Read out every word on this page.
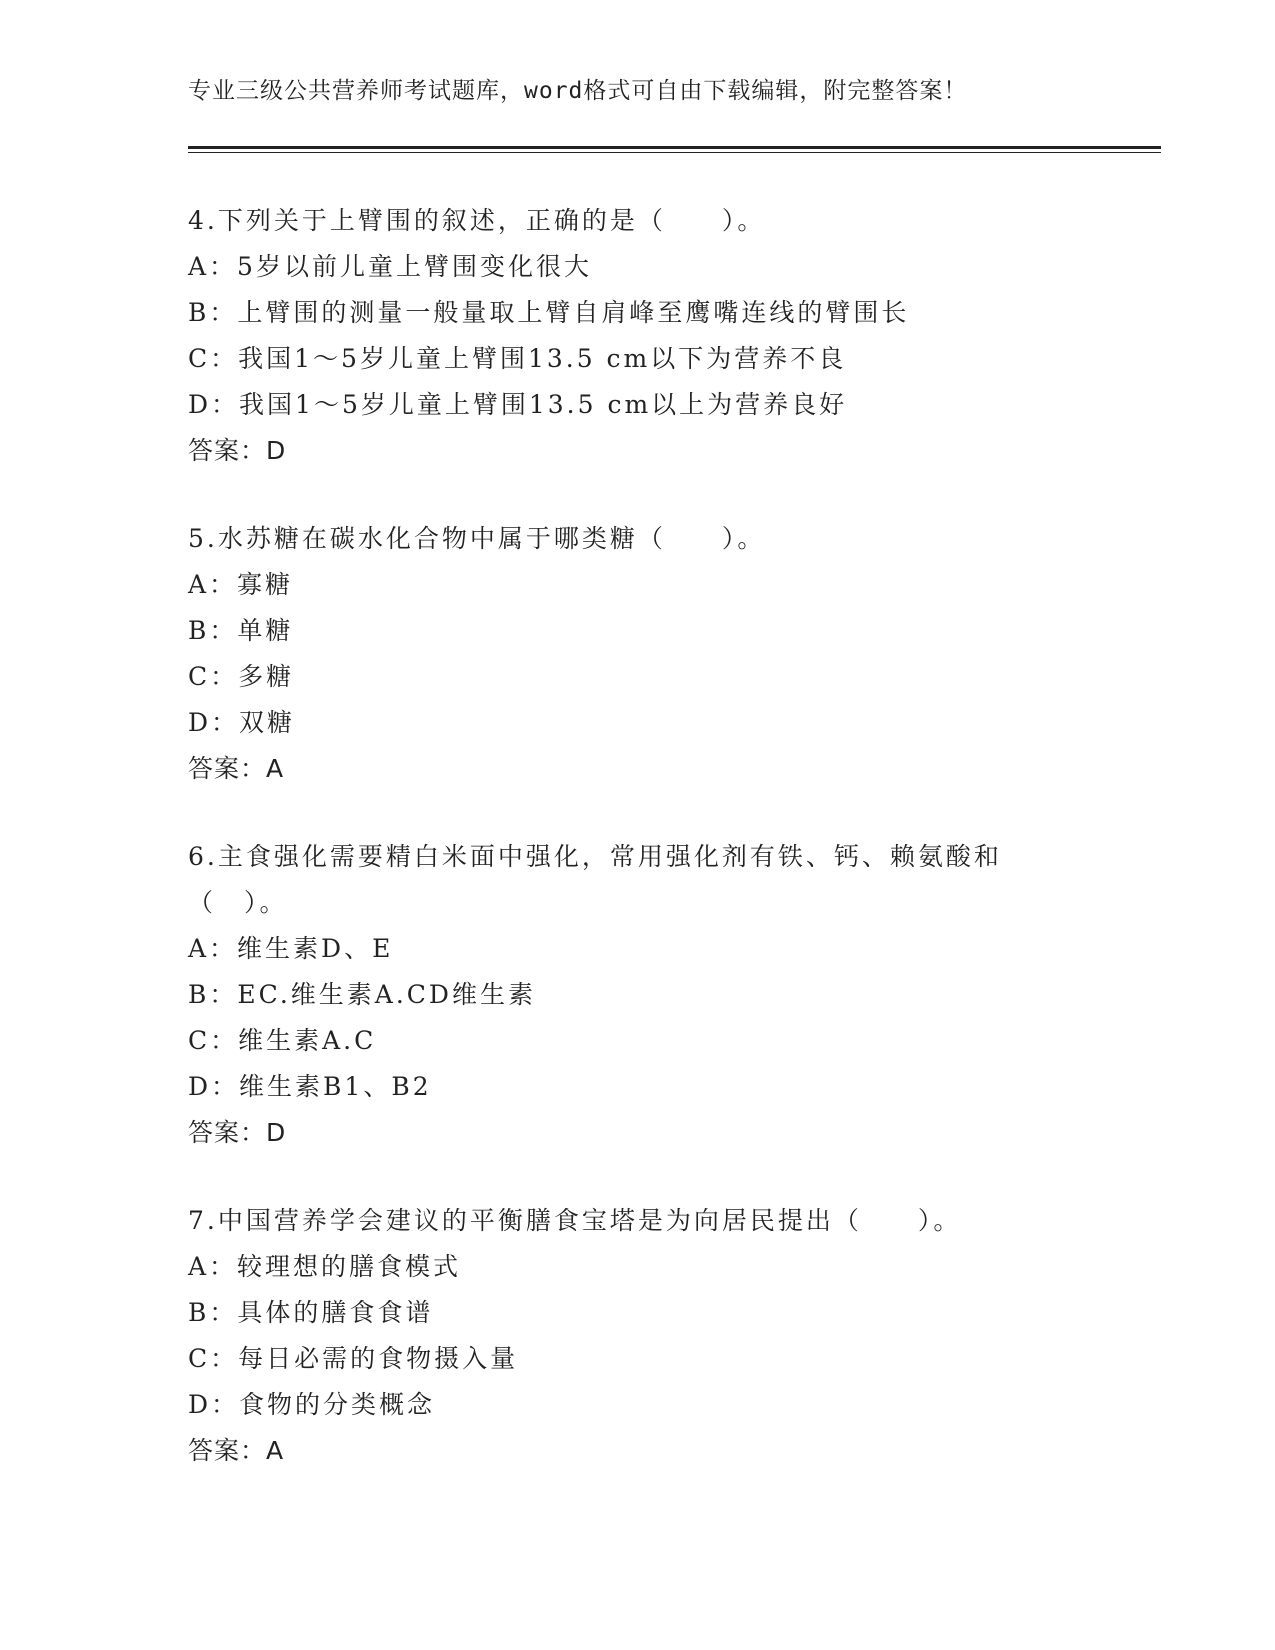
专业三级公共营养师考试题库，word格式可自由下载编辑，附完整答案！
4.下列关于上臂围的叙述，正确的是（　　）。
A：5岁以前儿童上臂围变化很大
B：上臂围的测量一般量取上臂自肩峰至鹰嘴连线的臂围长
C：我国1～5岁儿童上臂围13.5 cm以下为营养不良
D：我国1～5岁儿童上臂围13.5 cm以上为营养良好
答案：D
5.水苏糖在碳水化合物中属于哪类糖（　　）。
A：寡糖
B：单糖
C：多糖
D：双糖
答案：A
6.主食强化需要精白米面中强化，常用强化剂有铁、钙、赖氨酸和（　）。
A：维生素D、E
B：EC.维生素A.CD维生素
C：维生素A.C
D：维生素B1、B2
答案：D
7.中国营养学会建议的平衡膳食宝塔是为向居民提出（　　）。
A：较理想的膳食模式
B：具体的膳食食谱
C：每日必需的食物摄入量
D：食物的分类概念
答案：A
